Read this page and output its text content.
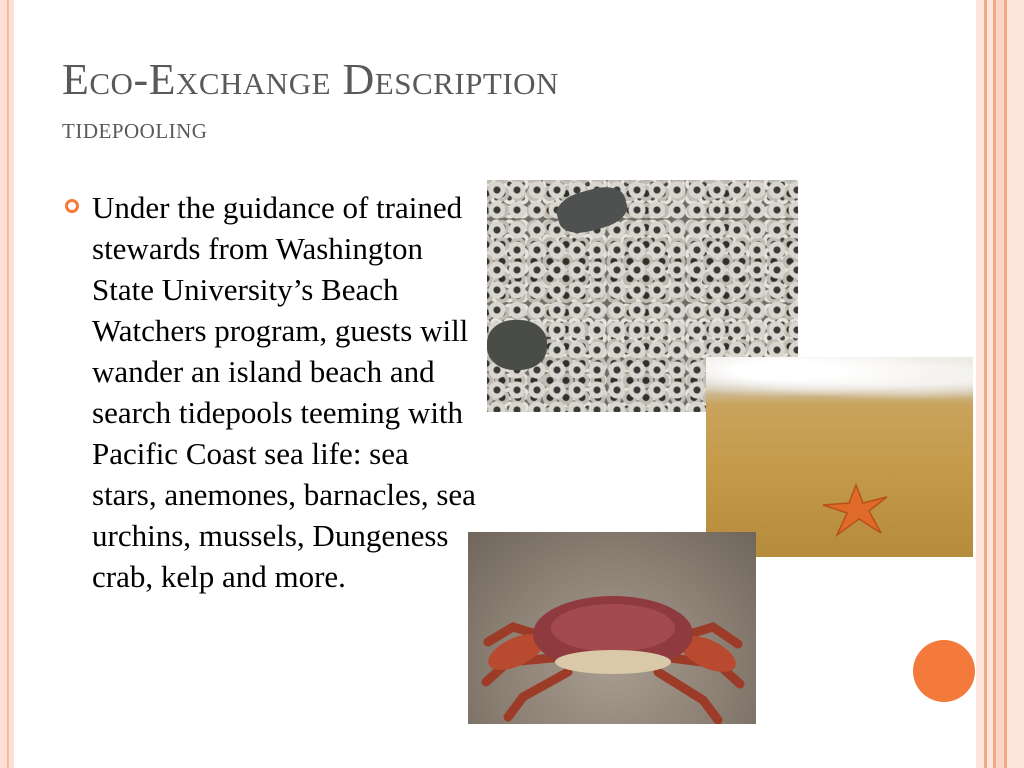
Eco-Exchange Description
tidepooling

Under the guidance of trained stewards from Washington State University’s Beach Watchers program, guests will wander an island beach and search tidepools teeming with Pacific Coast sea life: sea stars, anemones, barnacles, sea urchins, mussels, Dungeness crab, kelp and more.
